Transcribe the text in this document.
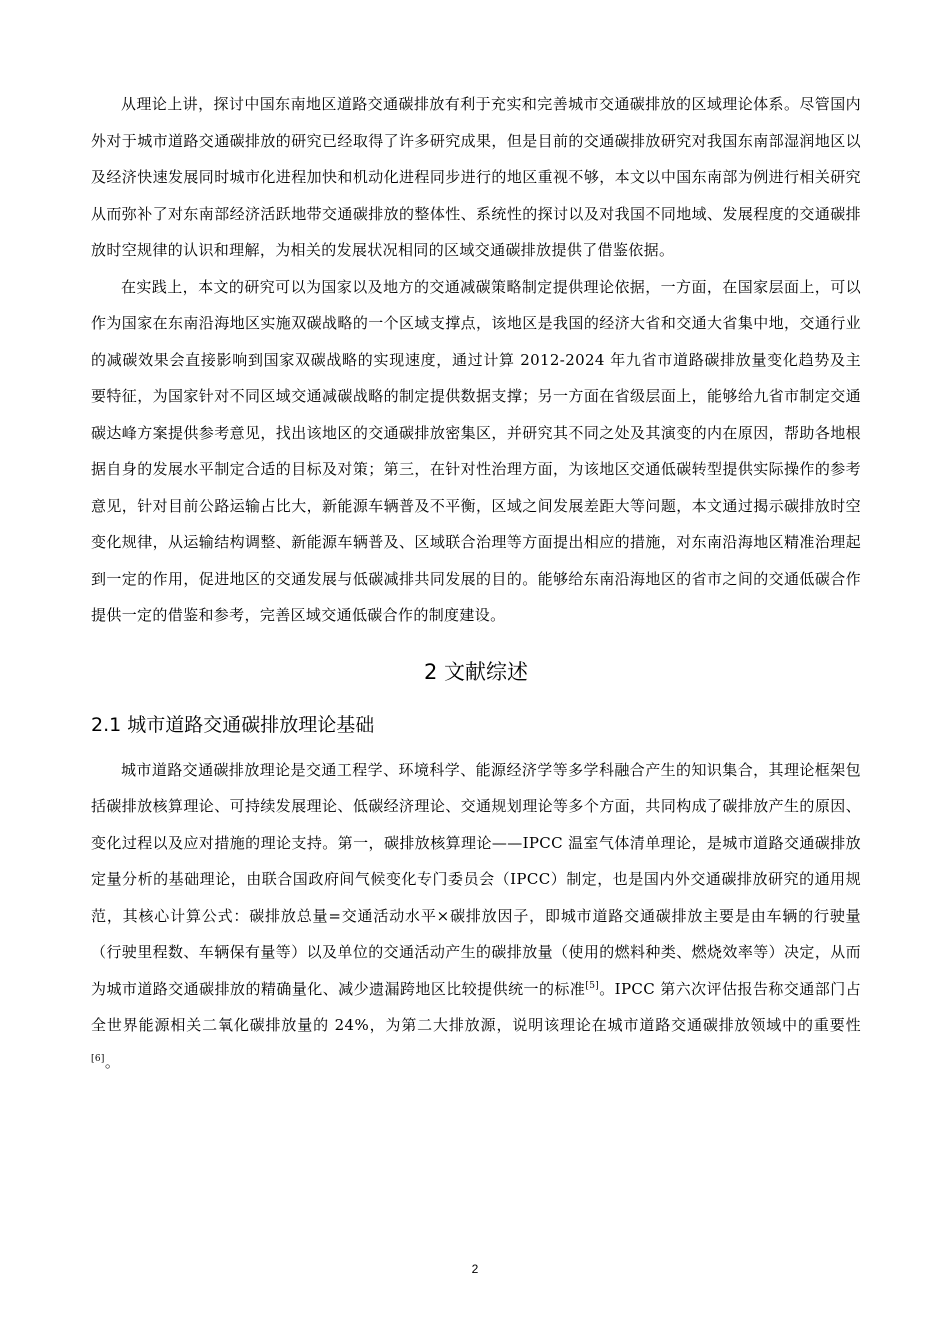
从理论上讲，探讨中国东南地区道路交通碳排放有利于充实和完善城市交通碳排放的区域理论体系。尽管国内外对于城市道路交通碳排放的研究已经取得了许多研究成果，但是目前的交通碳排放研究对我国东南部湿润地区以及经济快速发展同时城市化进程加快和机动化进程同步进行的地区重视不够，本文以中国东南部为例进行相关研究从而弥补了对东南部经济活跃地带交通碳排放的整体性、系统性的探讨以及对我国不同地域、发展程度的交通碳排放时空规律的认识和理解，为相关的发展状况相同的区域交通碳排放提供了借鉴依据。

在实践上，本文的研究可以为国家以及地方的交通减碳策略制定提供理论依据，一方面，在国家层面上，可以作为国家在东南沿海地区实施双碳战略的一个区域支撑点，该地区是我国的经济大省和交通大省集中地，交通行业的减碳效果会直接影响到国家双碳战略的实现速度，通过计算 2012-2024 年九省市道路碳排放量变化趋势及主要特征，为国家针对不同区域交通减碳战略的制定提供数据支撑；另一方面在省级层面上，能够给九省市制定交通碳达峰方案提供参考意见，找出该地区的交通碳排放密集区，并研究其不同之处及其演变的内在原因，帮助各地根据自身的发展水平制定合适的目标及对策；第三，在针对性治理方面，为该地区交通低碳转型提供实际操作的参考意见，针对目前公路运输占比大，新能源车辆普及不平衡，区域之间发展差距大等问题，本文通过揭示碳排放时空变化规律，从运输结构调整、新能源车辆普及、区域联合治理等方面提出相应的措施，对东南沿海地区精准治理起到一定的作用，促进地区的交通发展与低碳减排共同发展的目的。能够给东南沿海地区的省市之间的交通低碳合作提供一定的借鉴和参考，完善区域交通低碳合作的制度建设。

2 文献综述
2.1 城市道路交通碳排放理论基础

城市道路交通碳排放理论是交通工程学、环境科学、能源经济学等多学科融合产生的知识集合，其理论框架包括碳排放核算理论、可持续发展理论、低碳经济理论、交通规划理论等多个方面，共同构成了碳排放产生的原因、变化过程以及应对措施的理论支持。第一，碳排放核算理论——IPCC 温室气体清单理论，是城市道路交通碳排放定量分析的基础理论，由联合国政府间气候变化专门委员会（IPCC）制定，也是国内外交通碳排放研究的通用规范，其核心计算公式：碳排放总量=交通活动水平×碳排放因子，即城市道路交通碳排放主要是由车辆的行驶量（行驶里程数、车辆保有量等）以及单位的交通活动产生的碳排放量（使用的燃料种类、燃烧效率等）决定，从而为城市道路交通碳排放的精确量化、减少遗漏跨地区比较提供统一的标准[5]。IPCC 第六次评估报告称交通部门占全世界能源相关二氧化碳排放量的 24%，为第二大排放源，说明该理论在城市道路交通碳排放领域中的重要性[6]。

2
